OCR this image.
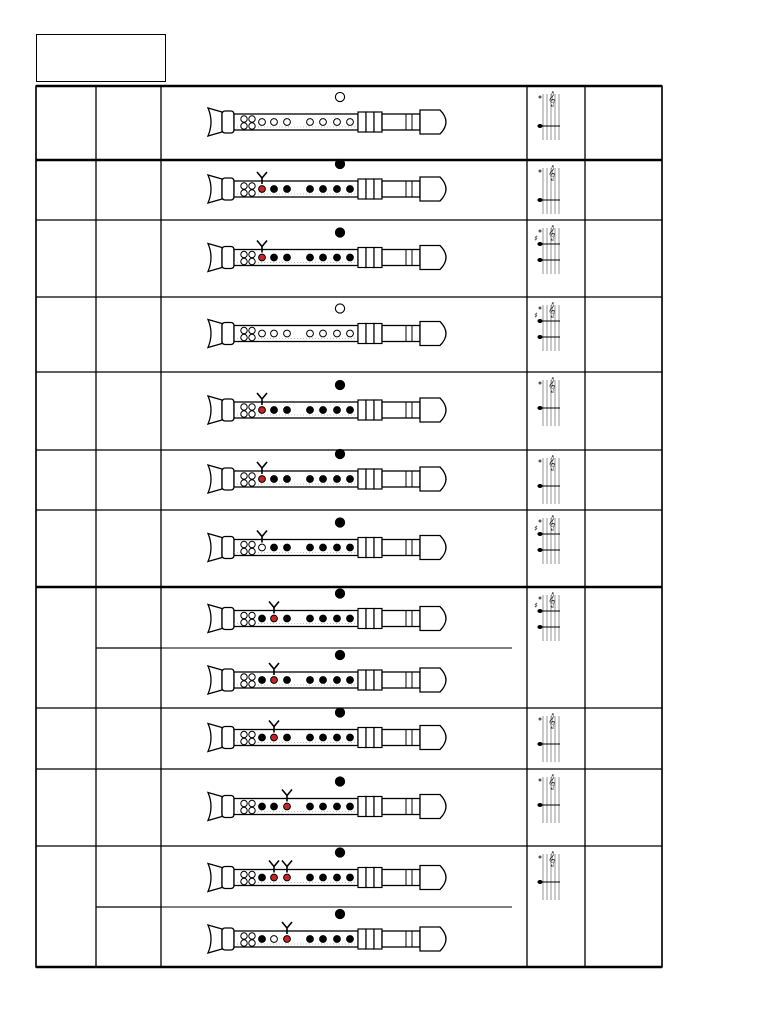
𝄞
𝄞
𝄞
♯
𝄞
♯
𝄞
𝄞
𝄞
♯
𝄞
♯
𝄞
𝄞
𝄞
